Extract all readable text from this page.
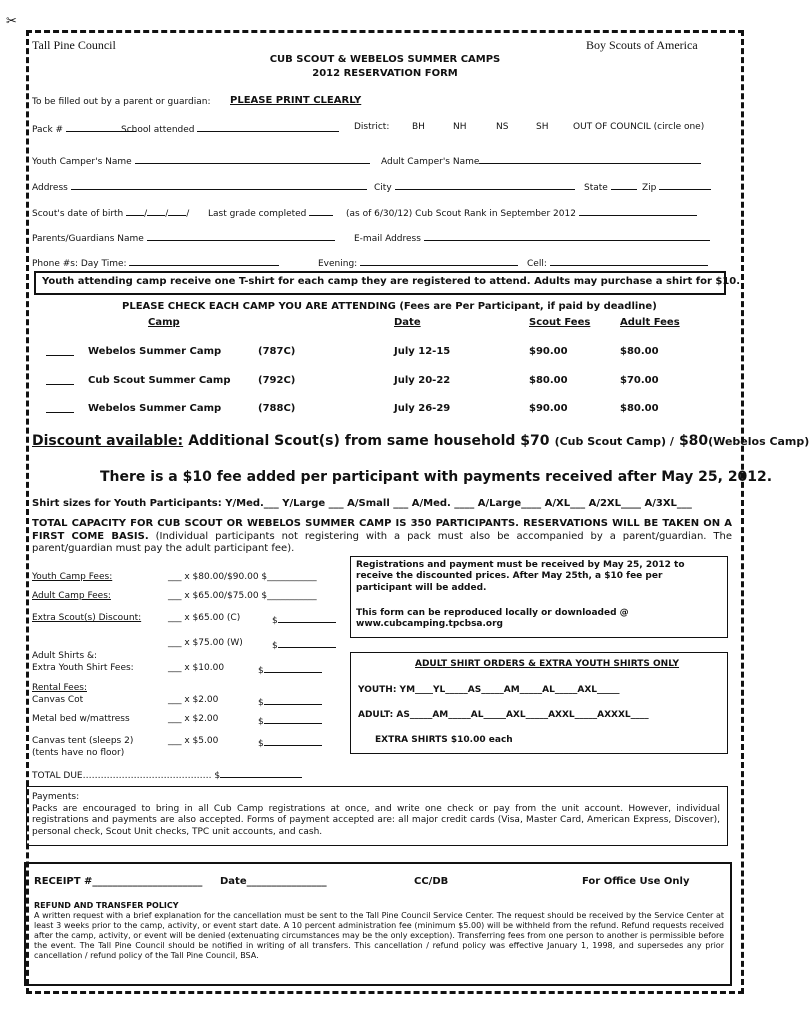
✂
Tall Pine Council	Boy Scouts of America
CUB SCOUT & WEBELOS SUMMER CAMPS
2012 RESERVATION FORM
To be filled out by a parent or guardian: PLEASE PRINT CLEARLY
Pack #	School attended	District:	BH	NH	NS	SH	OUT OF COUNCIL (circle one)
Youth Camper's Name	Adult Camper's Name
Address	City	State	Zip
Scout's date of birth / / / Last grade completed	(as of 6/30/12) Cub Scout Rank in September 2012
Parents/Guardians Name	E-mail Address
Phone #s: Day Time:	Evening:	Cell:
Youth attending camp receive one T-shirt for each camp they are registered to attend. Adults may purchase a shirt for $10.
PLEASE CHECK EACH CAMP YOU ARE ATTENDING (Fees are Per Participant, if paid by deadline)
Camp	Date	Scout Fees	Adult Fees
Webelos Summer Camp	(787C)	July 12-15	$90.00	$80.00
Cub Scout Summer Camp	(792C)	July 20-22	$80.00	$70.00
Webelos Summer Camp	(788C)	July 26-29	$90.00	$80.00
Discount available: Additional Scout(s) from same household $70 (Cub Scout Camp) / $80(Webelos Camp)
There is a $10 fee added per participant with payments received after May 25, 2012.
Shirt sizes for Youth Participants: Y/Med.___ Y/Large ___ A/Small ___ A/Med. ____ A/Large____ A/XL___ A/2XL____ A/3XL___
TOTAL CAPACITY FOR CUB SCOUT OR WEBELOS SUMMER CAMP IS 350 PARTICIPANTS. RESERVATIONS WILL BE TAKEN ON A FIRST COME BASIS. (Individual participants not registering with a pack must also be accompanied by a parent/guardian. The parent/guardian must pay the adult participant fee).
Youth Camp Fees:	___ x $80.00/$90.00 $___________
Adult Camp Fees:	___ x $65.00/$75.00 $___________
Extra Scout(s) Discount:	___ x $65.00 (C)	$
___ x $75.00 (W)	$
Adult Shirts &:
Extra Youth Shirt Fees:	___ x $10.00	$
Rental Fees:
Canvas Cot	___ x $2.00	$
Metal bed w/mattress	___ x $2.00	$
Canvas tent (sleeps 2)
(tents have no floor)
___ x $5.00	$
TOTAL DUE……………………………………. $
Registrations and payment must be received by May 25, 2012 to receive the discounted prices. After May 25th, a $10 fee per participant will be added.
This form can be reproduced locally or downloaded @ www.cubcamping.tpcbsa.org
ADULT SHIRT ORDERS & EXTRA YOUTH SHIRTS ONLY
YOUTH: YM____YL_____AS_____AM_____AL_____AXL_____
ADULT: AS_____AM_____AL_____AXL_____AXXL_____AXXXL____
EXTRA SHIRTS $10.00 each
Payments:
Packs are encouraged to bring in all Cub Camp registrations at once, and write one check or pay from the unit account. However, individual registrations and payments are also accepted. Forms of payment accepted are: all major credit cards (Visa, Master Card, American Express, Discover), personal check, Scout Unit checks, TPC unit accounts, and cash.
RECEIPT #______________________ Date________________	CC/DB	For Office Use Only
REFUND AND TRANSFER POLICY
A written request with a brief explanation for the cancellation must be sent to the Tall Pine Council Service Center. The request should be received by the Service Center at least 3 weeks prior to the camp, activity, or event start date. A 10 percent administration fee (minimum $5.00) will be withheld from the refund. Refund requests received after the camp, activity, or event will be denied (extenuating circumstances may be the only exception). Transferring fees from one person to another is permissible before the event. The Tall Pine Council should be notified in writing of all transfers. This cancellation / refund policy was effective January 1, 1998, and supersedes any prior cancellation / refund policy of the Tall Pine Council, BSA.
